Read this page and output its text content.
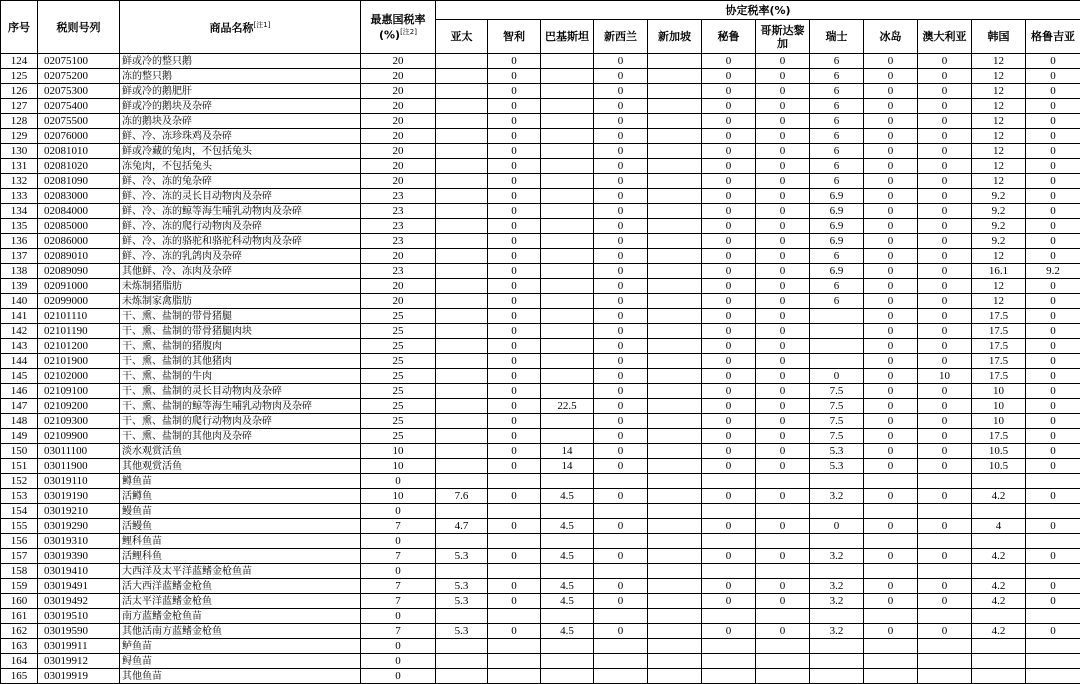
序号	税则号列	商品名称[注1]	最惠国税率
(%)[注2]	协定税率(%)											
				亚太	智利	巴基斯坦	新西兰	新加坡	秘鲁	哥斯达黎加	瑞士	冰岛	澳大利亚	韩国	格鲁吉亚
124	02075100	鲜或冷的整只鹅	20		0		0		0	0	6	0	0	12	0
125	02075200	冻的整只鹅	20		0		0		0	0	6	0	0	12	0
126	02075300	鲜或冷的鹅肥肝	20		0		0		0	0	6	0	0	12	0
127	02075400	鲜或冷的鹅块及杂碎	20		0		0		0	0	6	0	0	12	0
128	02075500	冻的鹅块及杂碎	20		0		0		0	0	6	0	0	12	0
129	02076000	鲜、冷、冻珍珠鸡及杂碎	20		0		0		0	0	6	0	0	12	0
130	02081010	鲜或冷藏的兔肉，不包括兔头	20		0		0		0	0	6	0	0	12	0
131	02081020	冻兔肉，不包括兔头	20		0		0		0	0	6	0	0	12	0
132	02081090	鲜、冷、冻的兔杂碎	20		0		0		0	0	6	0	0	12	0
133	02083000	鲜、冷、冻的灵长目动物肉及杂碎	23		0		0		0	0	6.9	0	0	9.2	0
134	02084000	鲜、冷、冻的鲸等海生哺乳动物肉及杂碎	23		0		0		0	0	6.9	0	0	9.2	0
135	02085000	鲜、冷、冻的爬行动物肉及杂碎	23		0		0		0	0	6.9	0	0	9.2	0
136	02086000	鲜、冷、冻的骆驼和骆驼科动物肉及杂碎	23		0		0		0	0	6.9	0	0	9.2	0
137	02089010	鲜、冷、冻的乳鸽肉及杂碎	20		0		0		0	0	6	0	0	12	0
138	02089090	其他鲜、冷、冻肉及杂碎	23		0		0		0	0	6.9	0	0	16.1	9.2
139	02091000	未炼制猪脂肪	20		0		0		0	0	6	0	0	12	0
140	02099000	未炼制家禽脂肪	20		0		0		0	0	6	0	0	12	0
141	02101110	干、熏、盐制的带骨猪腿	25		0		0		0	0		0	0	17.5	0
142	02101190	干、熏、盐制的带骨猪腿肉块	25		0		0		0	0		0	0	17.5	0
143	02101200	干、熏、盐制的猪腹肉	25		0		0		0	0		0	0	17.5	0
144	02101900	干、熏、盐制的其他猪肉	25		0		0		0	0		0	0	17.5	0
145	02102000	干、熏、盐制的牛肉	25		0		0		0	0	0	0	10	17.5	0
146	02109100	干、熏、盐制的灵长目动物肉及杂碎	25		0		0		0	0	7.5	0	0	10	0
147	02109200	干、熏、盐制的鲸等海生哺乳动物肉及杂碎	25		0	22.5	0		0	0	7.5	0	0	10	0
148	02109300	干、熏、盐制的爬行动物肉及杂碎	25		0		0		0	0	7.5	0	0	10	0
149	02109900	干、熏、盐制的其他肉及杂碎	25		0		0		0	0	7.5	0	0	17.5	0
150	03011100	淡水观赏活鱼	10		0	14	0		0	0	5.3	0	0	10.5	0
151	03011900	其他观赏活鱼	10		0	14	0		0	0	5.3	0	0	10.5	0
152	03019110	鳟鱼苗	0												
153	03019190	活鳟鱼	10	7.6	0	4.5	0		0	0	3.2	0	0	4.2	0
154	03019210	鳗鱼苗	0												
155	03019290	活鳗鱼	7	4.7	0	4.5	0		0	0	0	0	0	4	0
156	03019310	鲤科鱼苗	0												
157	03019390	活鲤科鱼	7	5.3	0	4.5	0		0	0	3.2	0	0	4.2	0
158	03019410	大西洋及太平洋蓝鳍金枪鱼苗	0												
159	03019491	活大西洋蓝鳍金枪鱼	7	5.3	0	4.5	0		0	0	3.2	0	0	4.2	0
160	03019492	活太平洋蓝鳍金枪鱼	7	5.3	0	4.5	0		0	0	3.2	0	0	4.2	0
161	03019510	南方蓝鳍金枪鱼苗	0												
162	03019590	其他活南方蓝鳍金枪鱼	7	5.3	0	4.5	0		0	0	3.2	0	0	4.2	0
163	03019911	鲈鱼苗	0												
164	03019912	鲟鱼苗	0												
165	03019919	其他鱼苗	0												
